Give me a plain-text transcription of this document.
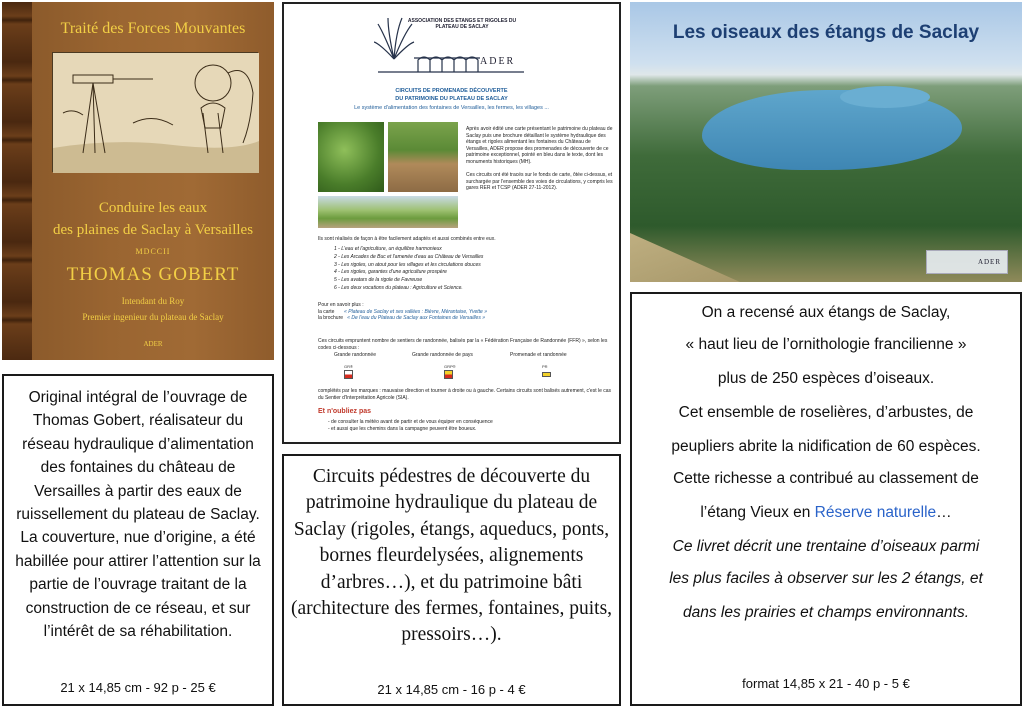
Traité des Forces Mouvantes
Conduire les eaux
des plaines de Saclay à Versailles
MDCCII
THOMAS GOBERT
Intendant du Roy
Premier ingenieur du plateau de Saclay
ADER
ASSOCIATION DES ETANGS ET RIGOLES DU PLATEAU DE SACLAY
ADER
CIRCUITS DE PROMENADE DÉCOUVERTE
DU PATRIMOINE DU PLATEAU DE SACLAY
Le système d'alimentation des fontaines de Versailles, les fermes, les villages ...
Après avoir édité une carte présentant le patrimoine du plateau de Saclay puis une brochure détaillant le système hydraulique des étangs et rigoles alimentant les fontaines du Château de Versailles, ADER propose des promenades de découverte de ce patrimoine exceptionnel, pointé en bleu dans le texte, dont les monuments historiques (MH).
Ces circuits ont été tracés sur le fonds de carte, ôtée ci-dessus, et surchargée par l'ensemble des voies de circulations, y compris les gares RER et TCSP (ADER 27-11-2012).
Ils sont réalisés de façon à être facilement adaptés et aussi combinés entre eux.
1 - L'eau et l'agriculture, un équilibre harmonieux
2 - Les Arcades de Buc et l'amenée d'eau au Château de Versailles
3 - Les rigoles, un atout pour les villages et les circulations douces
4 - Les rigoles, garantes d'une agriculture prospère
5 - Les avatars de la rigole de Favreuse
6 - Les deux vocations du plateau : Agriculture et Science.
Pour en savoir plus :
la carte « Plateau de Saclay et ses vallées : Bièvre, Mérantaise, Yvette »
la brochure « De l'eau du Plateau de Saclay aux Fontaines de Versailles »
Ces circuits empruntent nombre de sentiers de randonnée, balisés par la « Fédération Française de Randonnée (FFR) », selon les codes ci-dessous :
Grande randonnée	Grande randonnée de pays	Promenade et randonnée
GR®	GRP®	PR
complétés par les marques : mauvaise direction et tourner à droite ou à gauche. Certains circuits sont balisés autrement, c'est le cas du Sentier d'Interprétation Agricole (SIA).
Et n'oubliez pas
- de consulter la météo avant de partir et de vous équiper en conséquence
- et aussi que les chemins dans la campagne peuvent être boueux.
Les oiseaux des étangs de Saclay
ADER
Original intégral de l’ouvrage de Thomas Gobert, réalisateur du réseau hydraulique d’alimentation des fontaines du château de Versailles à partir des eaux de ruissellement du plateau de Saclay. La couverture, nue d’origine, a été habillée pour attirer l’attention sur la partie de l’ouvrage traitant de la construction de ce réseau, et sur l’intérêt de sa réhabilitation.
21 x 14,85 cm - 92 p - 25 €
Circuits pédestres de découverte du patrimoine hydraulique du plateau de Saclay (rigoles, étangs, aqueducs, ponts, bornes fleurdelysées, alignements d’arbres…), et du patrimoine bâti (architecture des fermes, fontaines, puits, pressoirs…).
21 x 14,85 cm - 16 p - 4 €
On a recensé aux étangs de Saclay,
« haut lieu de l’ornithologie francilienne »
plus de 250 espèces d’oiseaux.
Cet ensemble de roselières, d’arbustes, de
peupliers abrite la nidification de 60 espèces.
Cette richesse a contribué au classement de
l’étang Vieux en Réserve naturelle…
Ce livret décrit une trentaine d’oiseaux parmi
les plus faciles à observer sur les 2 étangs, et
dans les prairies et champs environnants.
format 14,85 x 21 - 40 p - 5 €
